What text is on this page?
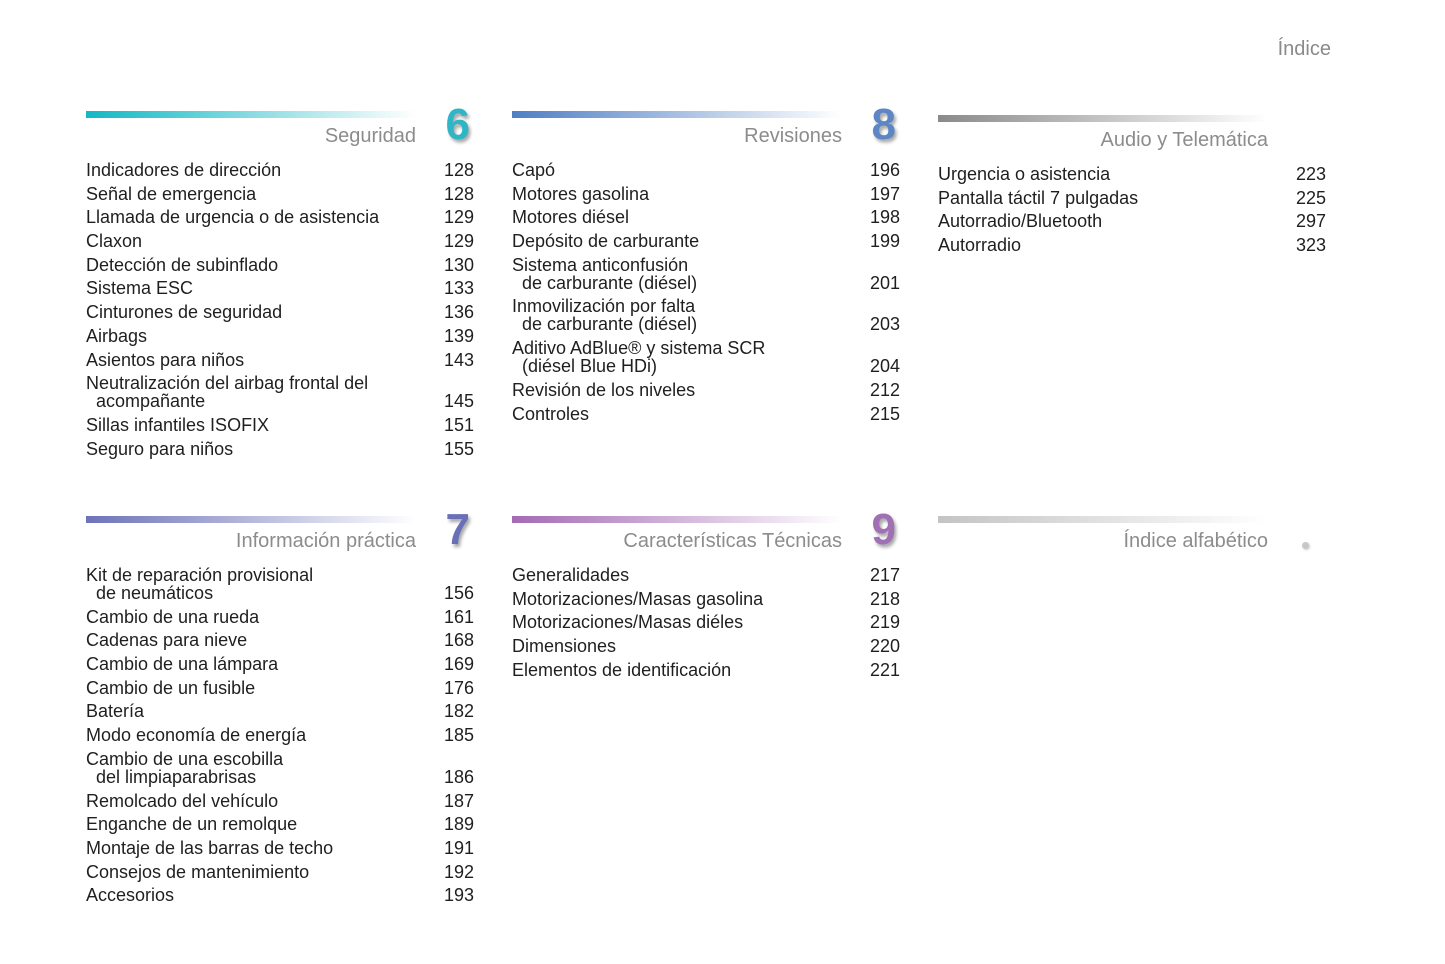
Índice
Seguridad 6
Indicadores de dirección	128
Señal de emergencia	128
Llamada de urgencia o de asistencia	129
Claxon	129
Detección de subinflado	130
Sistema ESC	133
Cinturones de seguridad	136
Airbags	139
Asientos para niños	143
Neutralización del airbag frontal del
acompañante	145
Sillas infantiles ISOFIX	151
Seguro para niños	155
Revisiones 8
Capó	196
Motores gasolina	197
Motores diésel	198
Depósito de carburante	199
Sistema anticonfusión
de carburante (diésel)	201
Inmovilización por falta
de carburante (diésel)	203
Aditivo AdBlue® y sistema SCR
(diésel Blue HDi)	204
Revisión de los niveles	212
Controles	215
Audio y Telemática
Urgencia o asistencia	223
Pantalla táctil 7 pulgadas	225
Autorradio/Bluetooth	297
Autorradio	323
Información práctica 7
Kit de reparación provisional
de neumáticos	156
Cambio de una rueda	161
Cadenas para nieve	168
Cambio de una lámpara	169
Cambio de un fusible	176
Batería	182
Modo economía de energía	185
Cambio de una escobilla
del limpiaparabrisas	186
Remolcado del vehículo	187
Enganche de un remolque	189
Montaje de las barras de techo	191
Consejos de mantenimiento	192
Accesorios	193
Características Técnicas 9
Generalidades	217
Motorizaciones/Masas gasolina	218
Motorizaciones/Masas diéles	219
Dimensiones	220
Elementos de identificación	221
Índice alfabético
